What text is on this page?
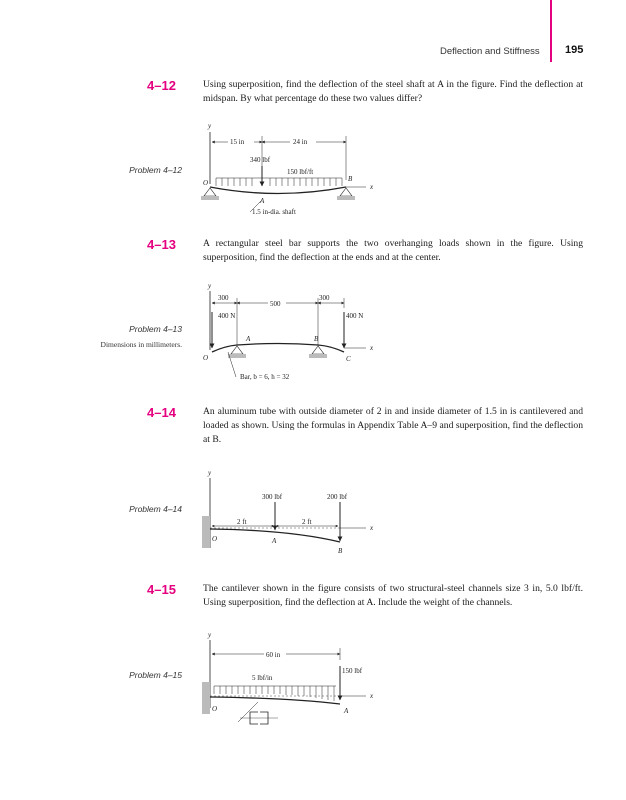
Deflection and Stiffness 195
4–12	Using superposition, find the deflection of the steel shaft at A in the figure. Find the deflection at midspan. By what percentage do these two values differ?
Problem 4–12
y
15 in	24 in
340 lbf
150 lbf/ft
x
O	B
A
1.5 in-dia. shaft
4–13	A rectangular steel bar supports the two overhanging loads shown in the figure. Using superposition, find the deflection at the ends and at the center.
Problem 4–13
Dimensions in millimeters.
y
300
500
300
400 N	400 N
x
O
A	B
C
Bar, b = 6, h = 32
4–14	An aluminum tube with outside diameter of 2 in and inside diameter of 1.5 in is cantilevered and loaded as shown. Using the formulas in Appendix Table A–9 and superposition, find the deflection at B.
Problem 4–14
y
x
300 lbf	200 lbf
2 ft	2 ft
O	A
B
4–15	The cantilever shown in the figure consists of two structural-steel channels size 3 in, 5.0 lbf/ft. Using superposition, find the deflection at A. Include the weight of the channels.
Problem 4–15
y
60 in
150 lbf
5 lbf/in
x
O	A
